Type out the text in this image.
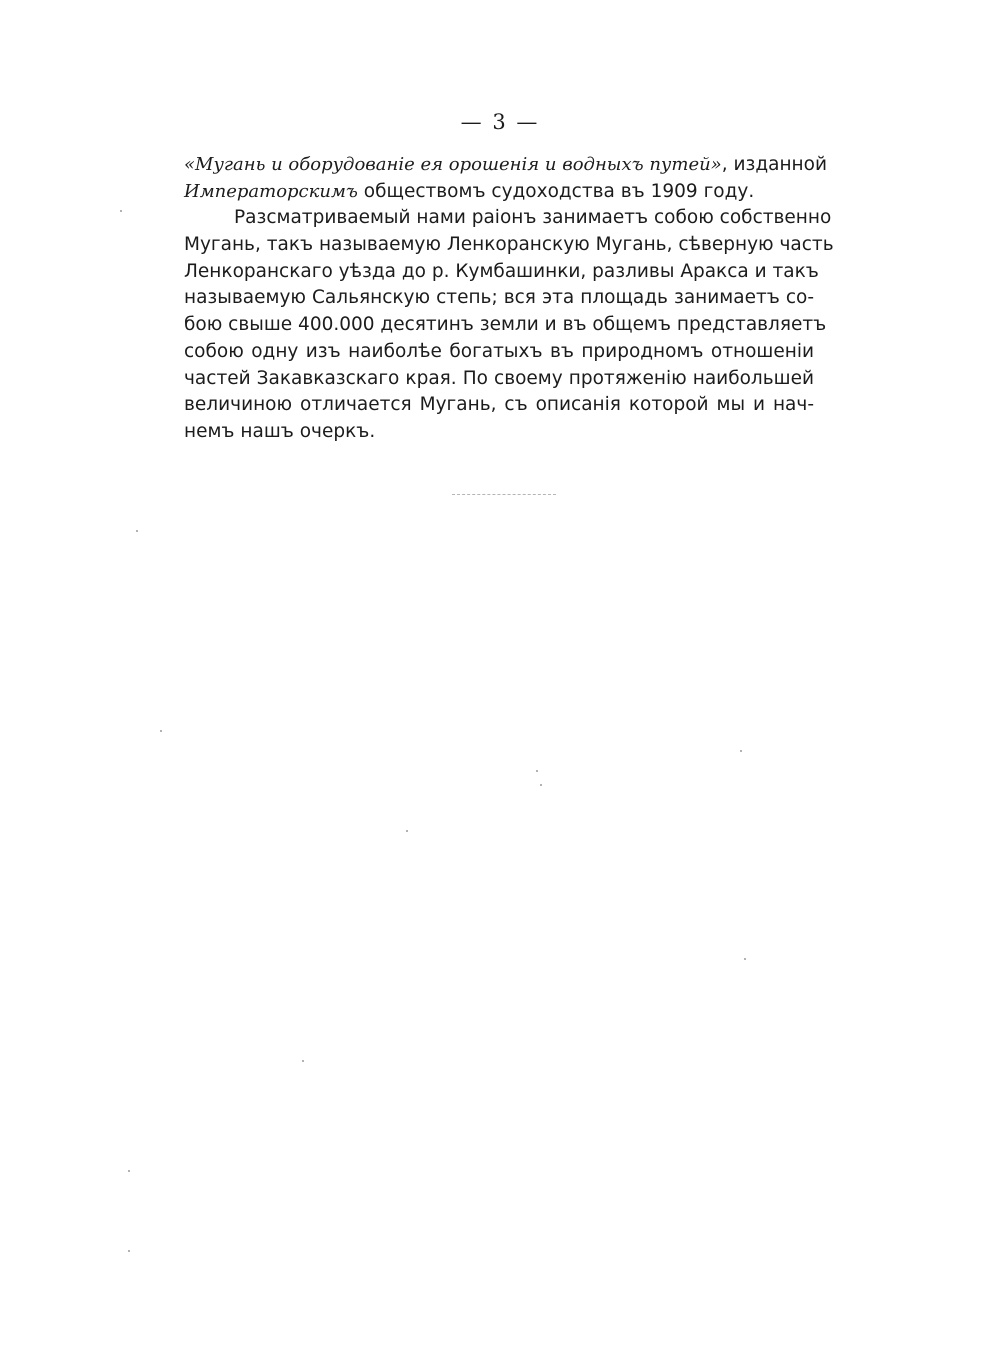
— 3 —
«Мугань и оборудованіе ея орошенія и водныхъ путей», изданной
Императорскимъ обществомъ судоходства въ 1909 году.
Разсматриваемый нами раіонъ занимаетъ собою собственно
Мугань, такъ называемую Ленкоранскую Мугань, сѣверную часть
Ленкоранскаго уѣзда до р. Кумбашинки, разливы Аракса и такъ
называемую Сальянскую степь; вся эта площадь занимаетъ со-
бою свыше 400.000 десятинъ земли и въ общемъ представляетъ
собою одну изъ наиболѣе богатыхъ въ природномъ отношеніи
частей Закавказскаго края. По своему протяженію наибольшей
величиною отличается Мугань, съ описанія которой мы и нач-
немъ нашъ очеркъ.
